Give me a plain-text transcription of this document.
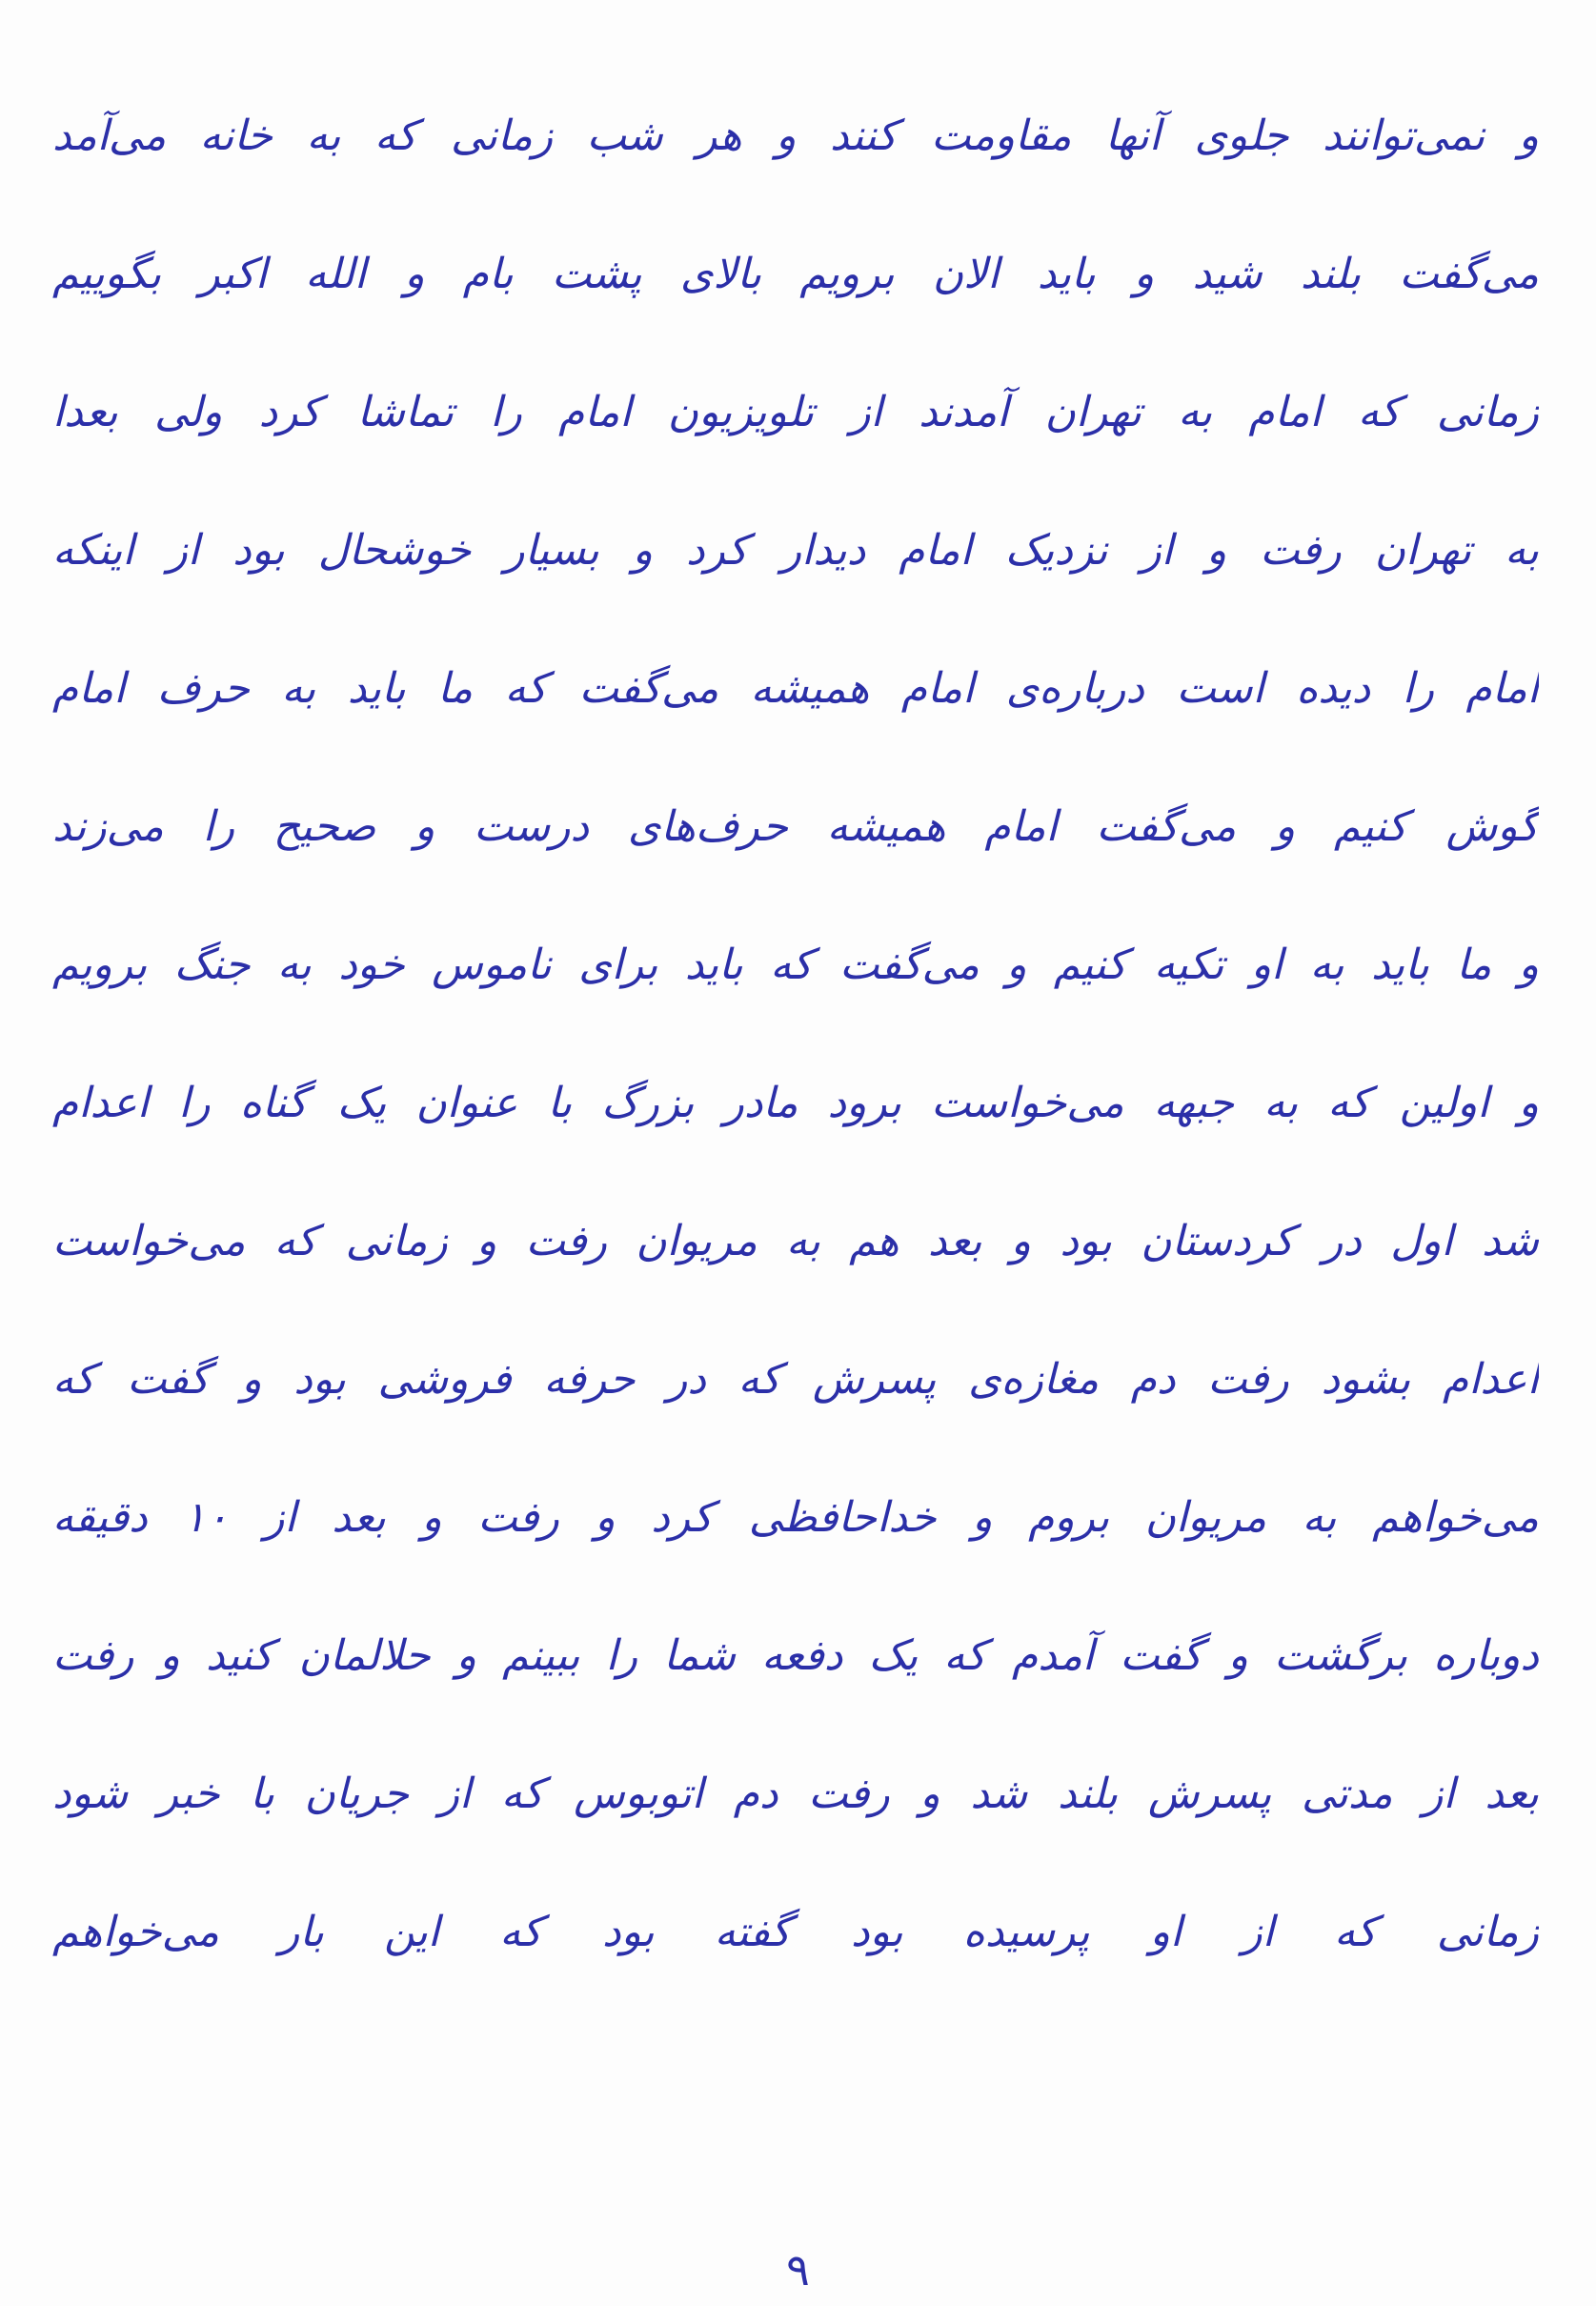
و نمی‌توانند جلوی آنها مقاومت کنند و هر شب زمانی که به خانه می‌آمد
می‌گفت بلند شید و باید الان برویم بالای پشت بام و الله اکبر بگوییم
زمانی که امام به تهران آمدند از تلویزیون امام را تماشا کرد ولی بعدا
به تهران رفت و از نزدیک امام دیدار کرد و بسیار خوشحال بود از اینکه
امام را دیده است درباره‌ی امام همیشه می‌گفت که ما باید به حرف امام
گوش کنیم و می‌گفت امام همیشه حرف‌های درست و صحیح را می‌زند
و ما باید به او تکیه کنیم و می‌گفت که باید برای ناموس خود به جنگ برویم
و اولین که به جبهه می‌خواست برود مادر بزرگ با عنوان یک گناه را اعدام
شد اول در کردستان بود و بعد هم به مریوان رفت و زمانی که می‌خواست
اعدام بشود رفت دم مغازه‌ی پسرش که در حرفه فروشی بود و گفت که
می‌خواهم به مریوان بروم و خداحافظی کرد و رفت و بعد از ۱۰ دقیقه
دوباره برگشت و گفت آمدم که یک دفعه شما را ببینم و حلالمان کنید و رفت
بعد از مدتی پسرش بلند شد و رفت دم اتوبوس که از جریان با خبر شود
زمانی که از او پرسیده بود گفته بود که این بار می‌خواهم
۹
